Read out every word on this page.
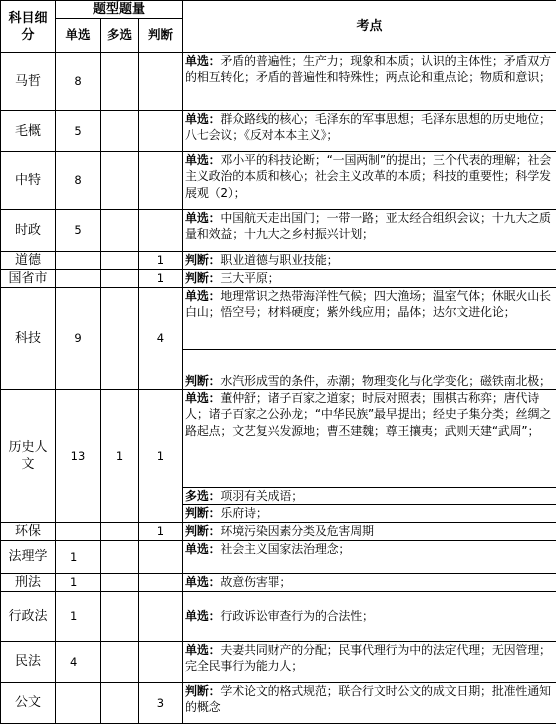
科目细分	题型题量			考点
	单选	多选	判断	
马哲	8			单选：矛盾的普遍性；生产力；现象和本质；认识的主体性；矛盾双方的相互转化；矛盾的普遍性和特殊性；两点论和重点论；物质和意识；
毛概	5			单选：群众路线的核心；毛泽东的军事思想；毛泽东思想的历史地位；八七会议；《反对本本主义》；
中特	8			单选：邓小平的科技论断；“一国两制”的提出；三个代表的理解；社会主义政治的本质和核心；社会主义改革的本质；科技的重要性；科学发展观（2）；
时政	5			单选：中国航天走出国门；一带一路；亚太经合组织会议；十九大之质量和效益；十九大之乡村振兴计划；
道德			1	判断：职业道德与职业技能；
国省市			1	判断：三大平原；
科技	9		4	单选：地理常识之热带海洋性气候；四大渔场；温室气体；休眠火山长白山；悟空号；材料硬度；紫外线应用；晶体；达尔文进化论；
				判断：水汽形成雪的条件，赤潮；物理变化与化学变化；磁铁南北极；
历史人文	13	1	1	单选：董仲舒；诸子百家之道家；时辰对照表；围棋古称弈；唐代诗人；诸子百家之公孙龙；“中华民族”最早提出；经史子集分类；丝绸之路起点；文艺复兴发源地；曹丕建魏；尊王攘夷；武则天建“武周”；
				多选：项羽有关成语；
				判断：乐府诗；
环保			1	判断：环境污染因素分类及危害周期
法理学	1			单选：社会主义国家法治理念；
刑法	1			单选：故意伤害罪；
行政法	1			单选：行政诉讼审查行为的合法性；
民法	4			单选：夫妻共同财产的分配；民事代理行为中的法定代理；无因管理；完全民事行为能力人；
公文			3	判断：学术论文的格式规范；联合行文时公文的成文日期；批准性通知的概念
